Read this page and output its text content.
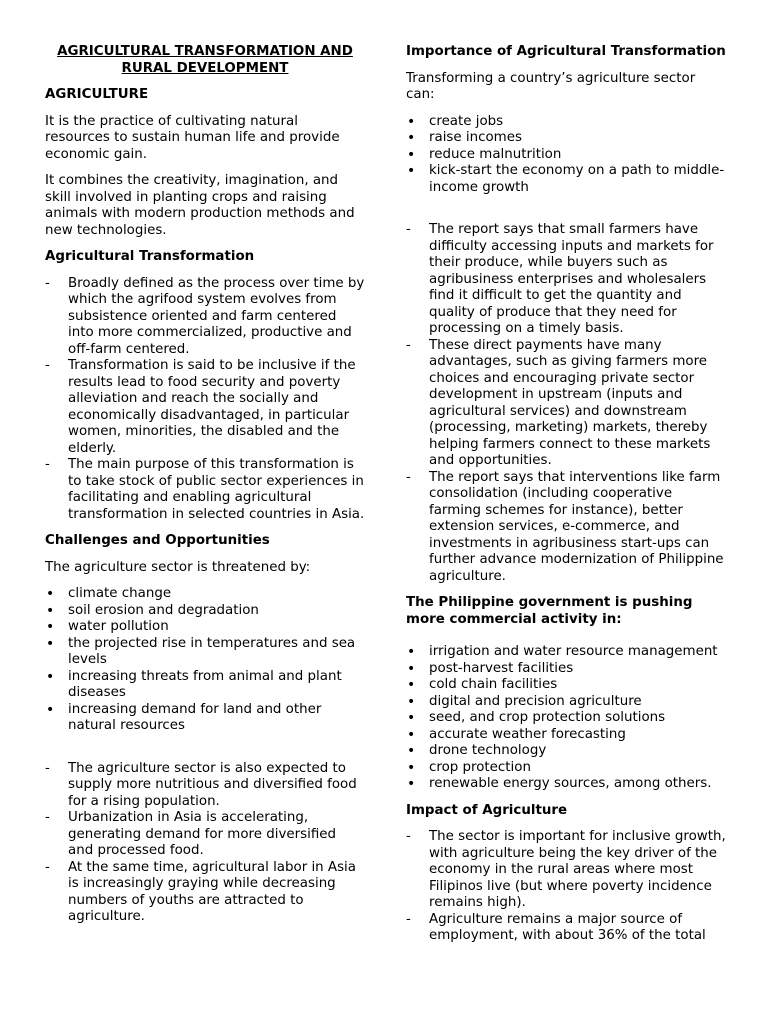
AGRICULTURAL TRANSFORMATION AND RURAL DEVELOPMENT
AGRICULTURE

It is the practice of cultivating natural resources to sustain human life and provide economic gain.

It combines the creativity, imagination, and skill involved in planting crops and raising animals with modern production methods and new technologies.

Agricultural Transformation
-	Broadly defined as the process over time by which the agrifood system evolves from subsistence oriented and farm centered into more commercialized, productive and off-farm centered.
-	Transformation is said to be inclusive if the results lead to food security and poverty alleviation and reach the socially and economically disadvantaged, in particular women, minorities, the disabled and the elderly.
-	The main purpose of this transformation is to take stock of public sector experiences in facilitating and enabling agricultural transformation in selected countries in Asia.
Challenges and Opportunities

The agriculture sector is threatened by:

• climate change
• soil erosion and degradation
• water pollution
• the projected rise in temperatures and sea levels
• increasing threats from animal and plant diseases
• increasing demand for land and other natural resources
-	The agriculture sector is also expected to supply more nutritious and diversified food for a rising population.
-	Urbanization in Asia is accelerating, generating demand for more diversified and processed food.
-	At the same time, agricultural labor in Asia is increasingly graying while decreasing numbers of youths are attracted to agriculture.
Importance of Agricultural Transformation

Transforming a country’s agriculture sector can:

• create jobs
• raise incomes
• reduce malnutrition
• kick-start the economy on a path to middle-income growth
-	The report says that small farmers have difficulty accessing inputs and markets for their produce, while buyers such as agribusiness enterprises and wholesalers find it difficult to get the quantity and quality of produce that they need for processing on a timely basis.
-	These direct payments have many advantages, such as giving farmers more choices and encouraging private sector development in upstream (inputs and agricultural services) and downstream (processing, marketing) markets, thereby helping farmers connect to these markets and opportunities.
-	The report says that interventions like farm consolidation (including cooperative farming schemes for instance), better extension services, e-commerce, and investments in agribusiness start-ups can further advance modernization of Philippine agriculture.
The Philippine government is pushing more commercial activity in:
• irrigation and water resource management
• post-harvest facilities
• cold chain facilities
• digital and precision agriculture
• seed, and crop protection solutions
• accurate weather forecasting
• drone technology
• crop protection
• renewable energy sources, among others.
Impact of Agriculture
-	The sector is important for inclusive growth, with agriculture being the key driver of the economy in the rural areas where most Filipinos live (but where poverty incidence remains high).
-	Agriculture remains a major source of employment, with about 36% of the total
